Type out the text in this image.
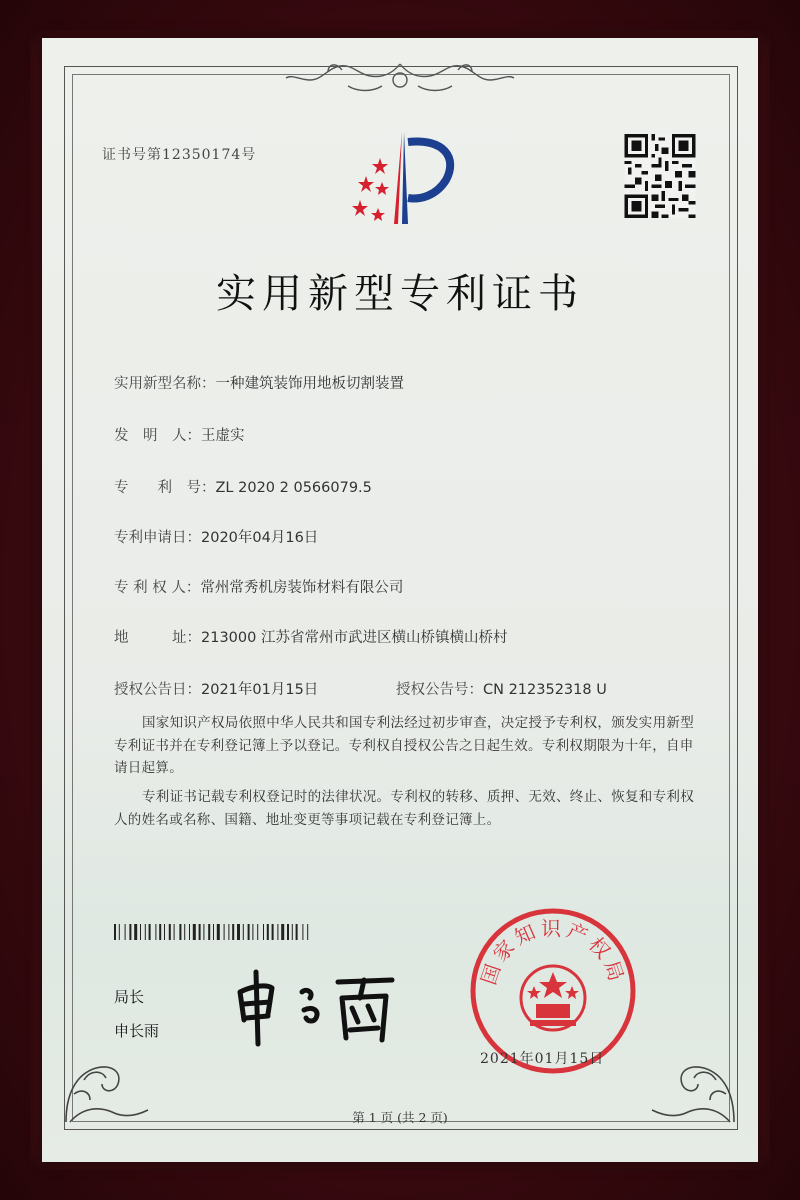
证书号第12350174号
实用新型专利证书
实用新型名称：一种建筑装饰用地板切割装置
发　明　人：王虚实
专　　利　号：ZL 2020 2 0566079.5
专利申请日：2020年04月16日
专 利 权 人：常州常秀机房装饰材料有限公司
地　　　址：213000 江苏省常州市武进区横山桥镇横山桥村
授权公告日：2021年01月15日	授权公告号：CN 212352318 U
国家知识产权局依照中华人民共和国专利法经过初步审查，决定授予专利权，颁发实用新型专利证书并在专利登记簿上予以登记。专利权自授权公告之日起生效。专利权期限为十年，自申请日起算。
专利证书记载专利权登记时的法律状况。专利权的转移、质押、无效、终止、恢复和专利权人的姓名或名称、国籍、地址变更等事项记载在专利登记簿上。
局长
申长雨
国家知识产权局
2021年01月15日
第 1 页 (共 2 页)
